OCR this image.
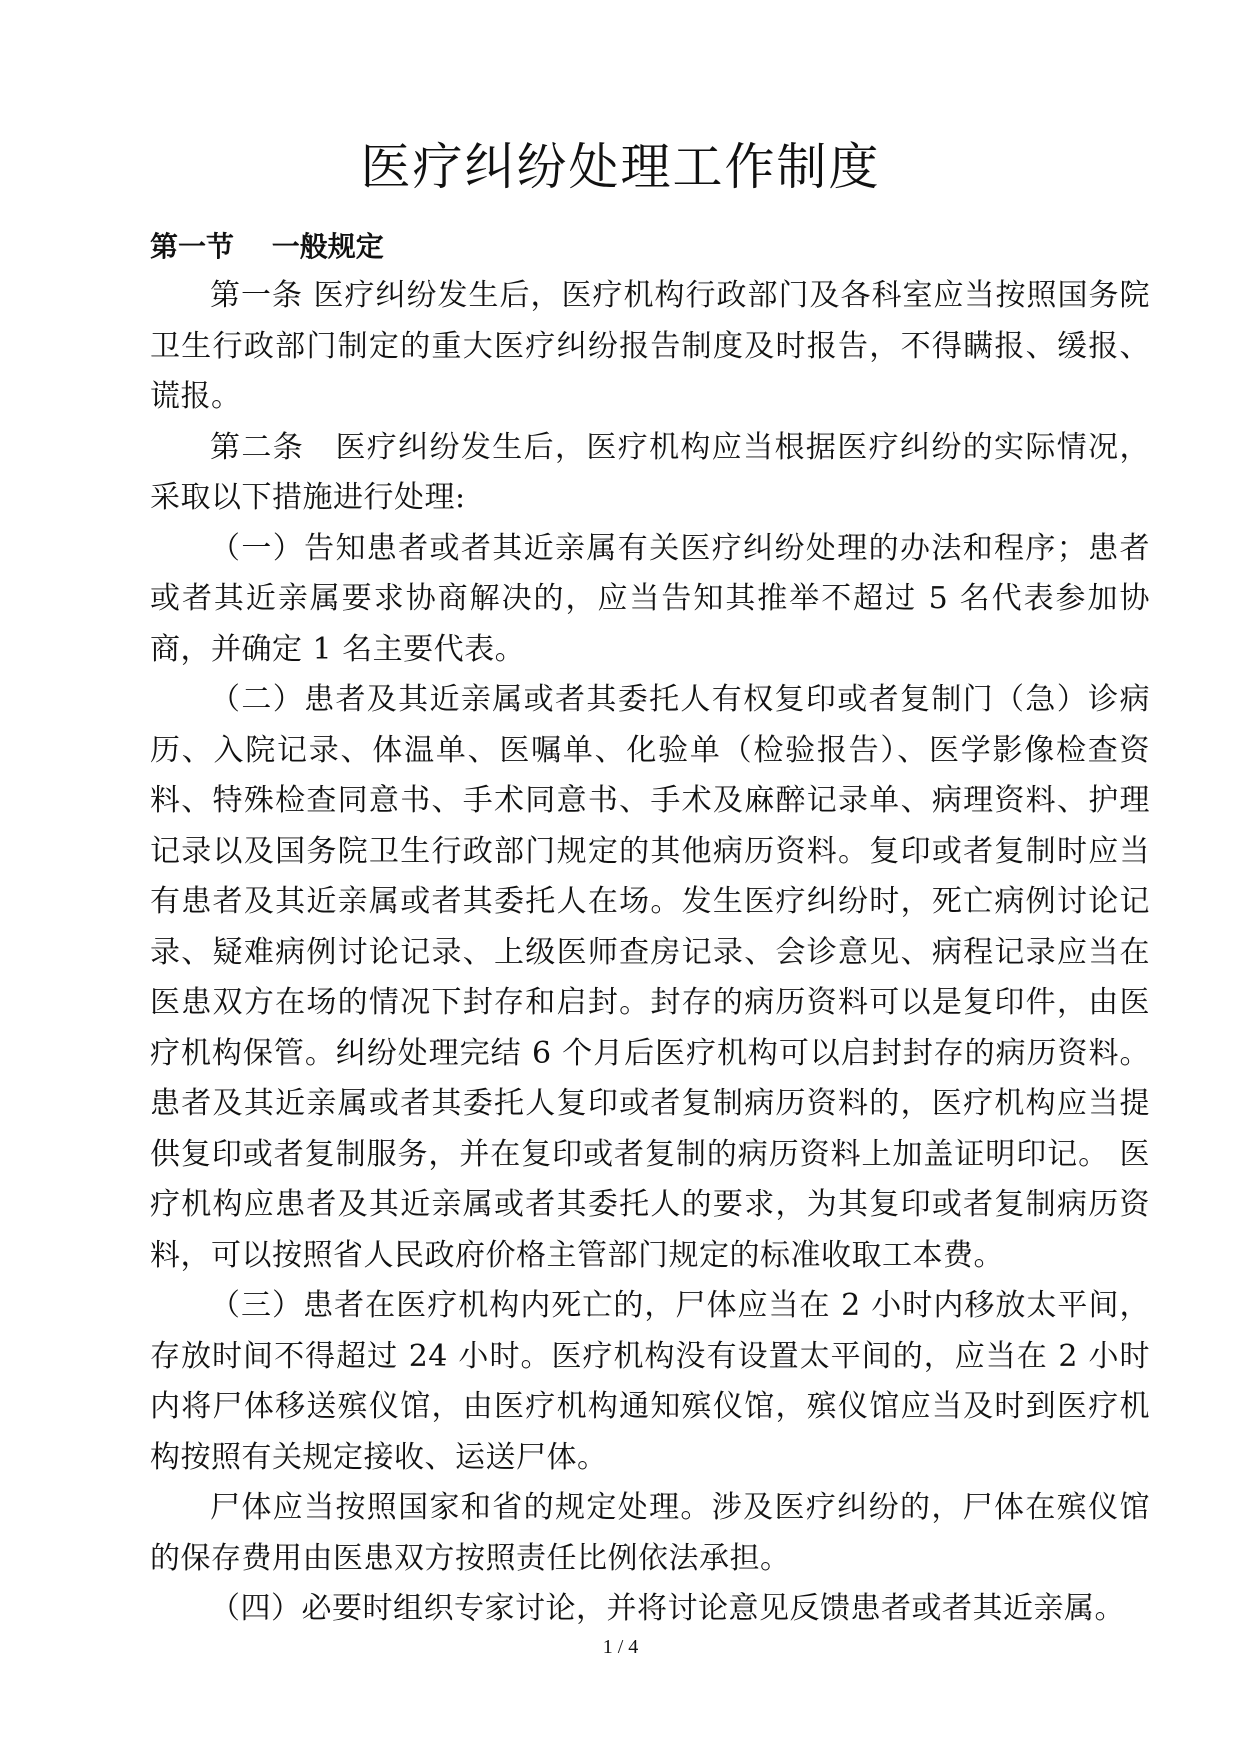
医疗纠纷处理工作制度

第一节　 一般规定

第一条 医疗纠纷发生后，医疗机构行政部门及各科室应当按照国务院卫生行政部门制定的重大医疗纠纷报告制度及时报告，不得瞒报、缓报、谎报。

第二条　医疗纠纷发生后，医疗机构应当根据医疗纠纷的实际情况，采取以下措施进行处理:

（一）告知患者或者其近亲属有关医疗纠纷处理的办法和程序；患者或者其近亲属要求协商解决的，应当告知其推举不超过 5 名代表参加协商，并确定 1 名主要代表。

（二）患者及其近亲属或者其委托人有权复印或者复制门（急）诊病历、入院记录、体温单、医嘱单、化验单（检验报告）、医学影像检查资料、特殊检查同意书、手术同意书、手术及麻醉记录单、病理资料、护理记录以及国务院卫生行政部门规定的其他病历资料。复印或者复制时应当有患者及其近亲属或者其委托人在场。发生医疗纠纷时，死亡病例讨论记录、疑难病例讨论记录、上级医师查房记录、会诊意见、病程记录应当在医患双方在场的情况下封存和启封。封存的病历资料可以是复印件，由医疗机构保管。纠纷处理完结 6 个月后医疗机构可以启封封存的病历资料。 患者及其近亲属或者其委托人复印或者复制病历资料的，医疗机构应当提供复印或者复制服务，并在复印或者复制的病历资料上加盖证明印记。 医疗机构应患者及其近亲属或者其委托人的要求，为其复印或者复制病历资料，可以按照省人民政府价格主管部门规定的标准收取工本费。

（三）患者在医疗机构内死亡的，尸体应当在 2 小时内移放太平间，存放时间不得超过 24 小时。医疗机构没有设置太平间的，应当在 2 小时内将尸体移送殡仪馆，由医疗机构通知殡仪馆，殡仪馆应当及时到医疗机构按照有关规定接收、运送尸体。

尸体应当按照国家和省的规定处理。涉及医疗纠纷的，尸体在殡仪馆的保存费用由医患双方按照责任比例依法承担。

（四）必要时组织专家讨论，并将讨论意见反馈患者或者其近亲属。

1 / 4
